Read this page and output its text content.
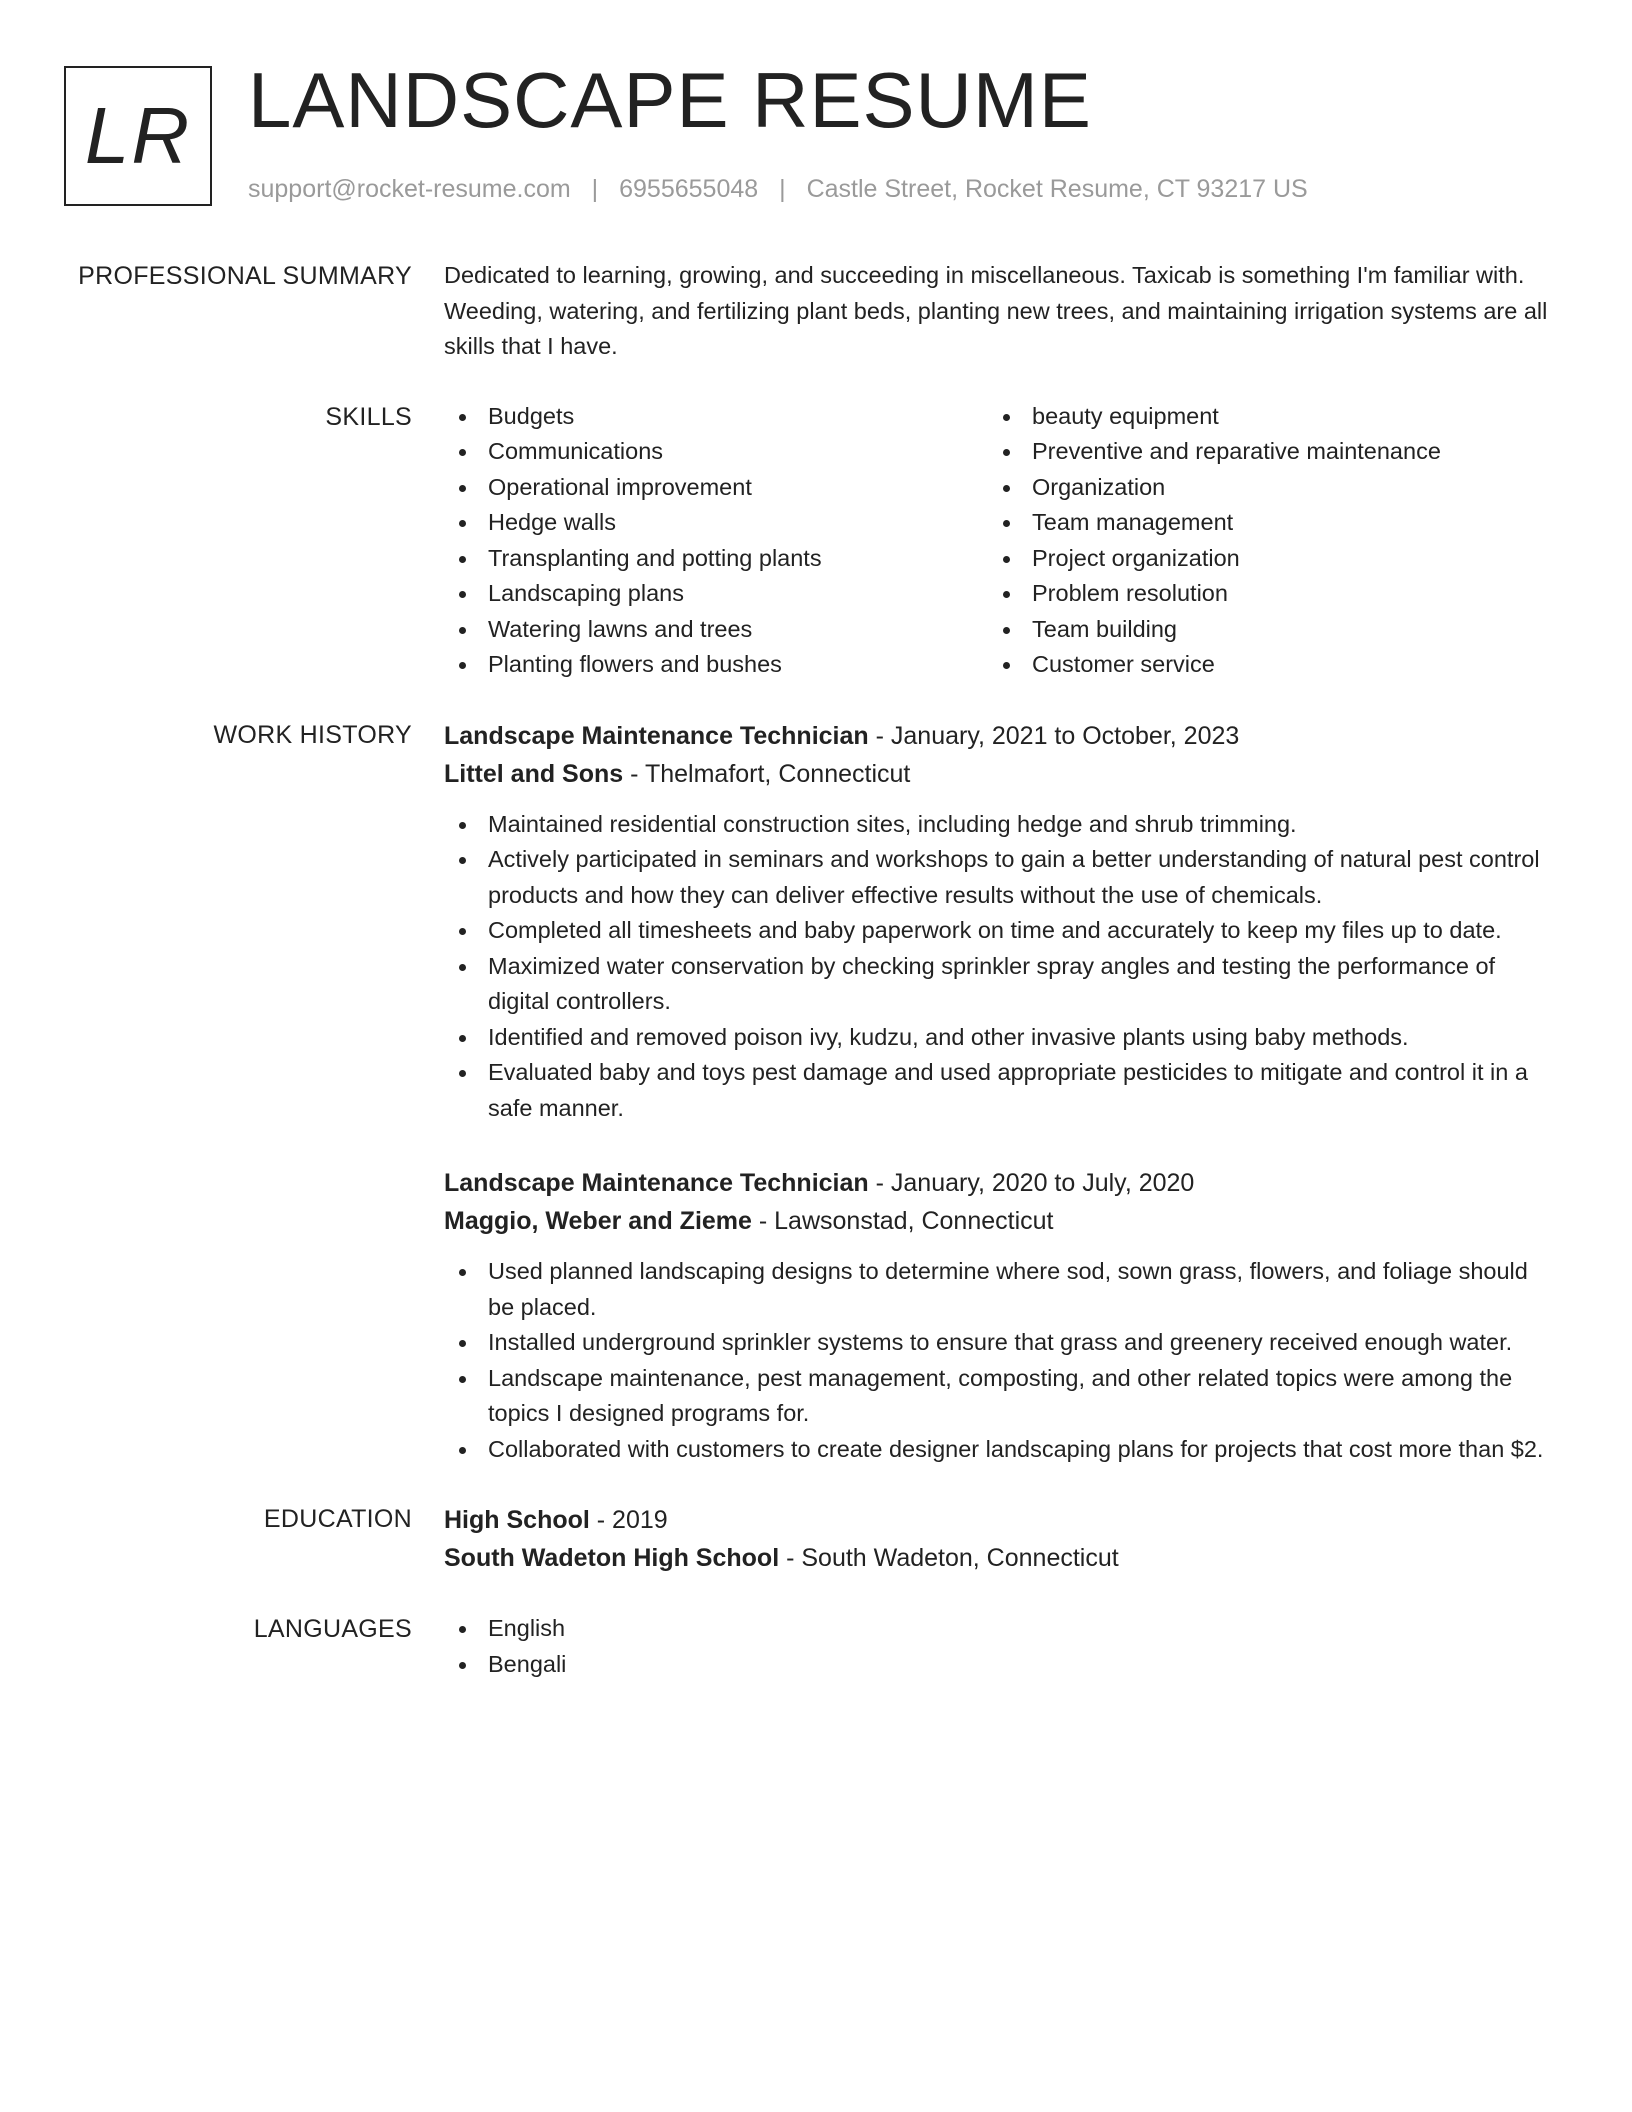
LR LANDSCAPE RESUME
support@rocket-resume.com | 6955655048 | Castle Street, Rocket Resume, CT 93217 US
PROFESSIONAL SUMMARY Dedicated to learning, growing, and succeeding in miscellaneous. Taxicab is something I'm familiar with. Weeding, watering, and fertilizing plant beds, planting new trees, and maintaining irrigation systems are all skills that I have.

SKILLS	Budgets
Communications
Operational improvement
Hedge walls
Transplanting and potting plants
Landscaping plans
Watering lawns and trees
Planting flowers and bushes
beauty equipment
Preventive and reparative maintenance
Organization
Team management
Project organization
Problem resolution
Team building
Customer service
WORK HISTORY Landscape Maintenance Technician - January, 2021 to October, 2023
Littel and Sons - Thelmafort, Connecticut
Maintained residential construction sites, including hedge and shrub trimming.
Actively participated in seminars and workshops to gain a better understanding of natural pest control products and how they can deliver effective results without the use of chemicals.
Completed all timesheets and baby paperwork on time and accurately to keep my files up to date.
Maximized water conservation by checking sprinkler spray angles and testing the performance of digital controllers.
Identified and removed poison ivy, kudzu, and other invasive plants using baby methods.
Evaluated baby and toys pest damage and used appropriate pesticides to mitigate and control it in a safe manner.
Landscape Maintenance Technician - January, 2020 to July, 2020
Maggio, Weber and Zieme - Lawsonstad, Connecticut
Used planned landscaping designs to determine where sod, sown grass, flowers, and foliage should be placed.
Installed underground sprinkler systems to ensure that grass and greenery received enough water.
Landscape maintenance, pest management, composting, and other related topics were among the topics I designed programs for.
Collaborated with customers to create designer landscaping plans for projects that cost more than $2.
EDUCATION High School - 2019
South Wadeton High School - South Wadeton, Connecticut
LANGUAGES	English
Bengali
